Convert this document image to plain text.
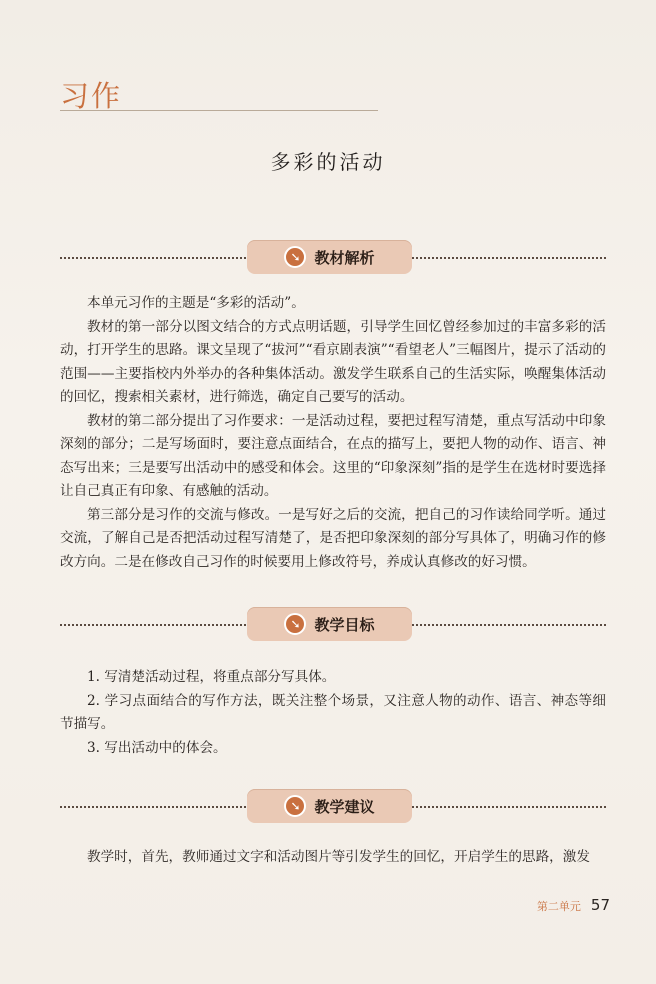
习作
多彩的活动
➘ 教材解析

本单元习作的主题是“多彩的活动”。

教材的第一部分以图文结合的方式点明话题，引导学生回忆曾经参加过的丰富多彩的活动，打开学生的思路。课文呈现了“拔河”“看京剧表演”“看望老人”三幅图片，提示了活动的范围——主要指校内外举办的各种集体活动。激发学生联系自己的生活实际，唤醒集体活动的回忆，搜索相关素材，进行筛选，确定自己要写的活动。

教材的第二部分提出了习作要求：一是活动过程，要把过程写清楚，重点写活动中印象深刻的部分；二是写场面时，要注意点面结合，在点的描写上，要把人物的动作、语言、神态写出来；三是要写出活动中的感受和体会。这里的“印象深刻”指的是学生在选材时要选择让自己真正有印象、有感触的活动。

第三部分是习作的交流与修改。一是写好之后的交流，把自己的习作读给同学听。通过交流，了解自己是否把活动过程写清楚了，是否把印象深刻的部分写具体了，明确习作的修改方向。二是在修改自己习作的时候要用上修改符号，养成认真修改的好习惯。

➘ 教学目标

1. 写清楚活动过程，将重点部分写具体。

2. 学习点面结合的写作方法，既关注整个场景，又注意人物的动作、语言、神态等细节描写。

3. 写出活动中的体会。

➘ 教学建议

教学时，首先，教师通过文字和活动图片等引发学生的回忆，开启学生的思路，激发

第二单元 57
